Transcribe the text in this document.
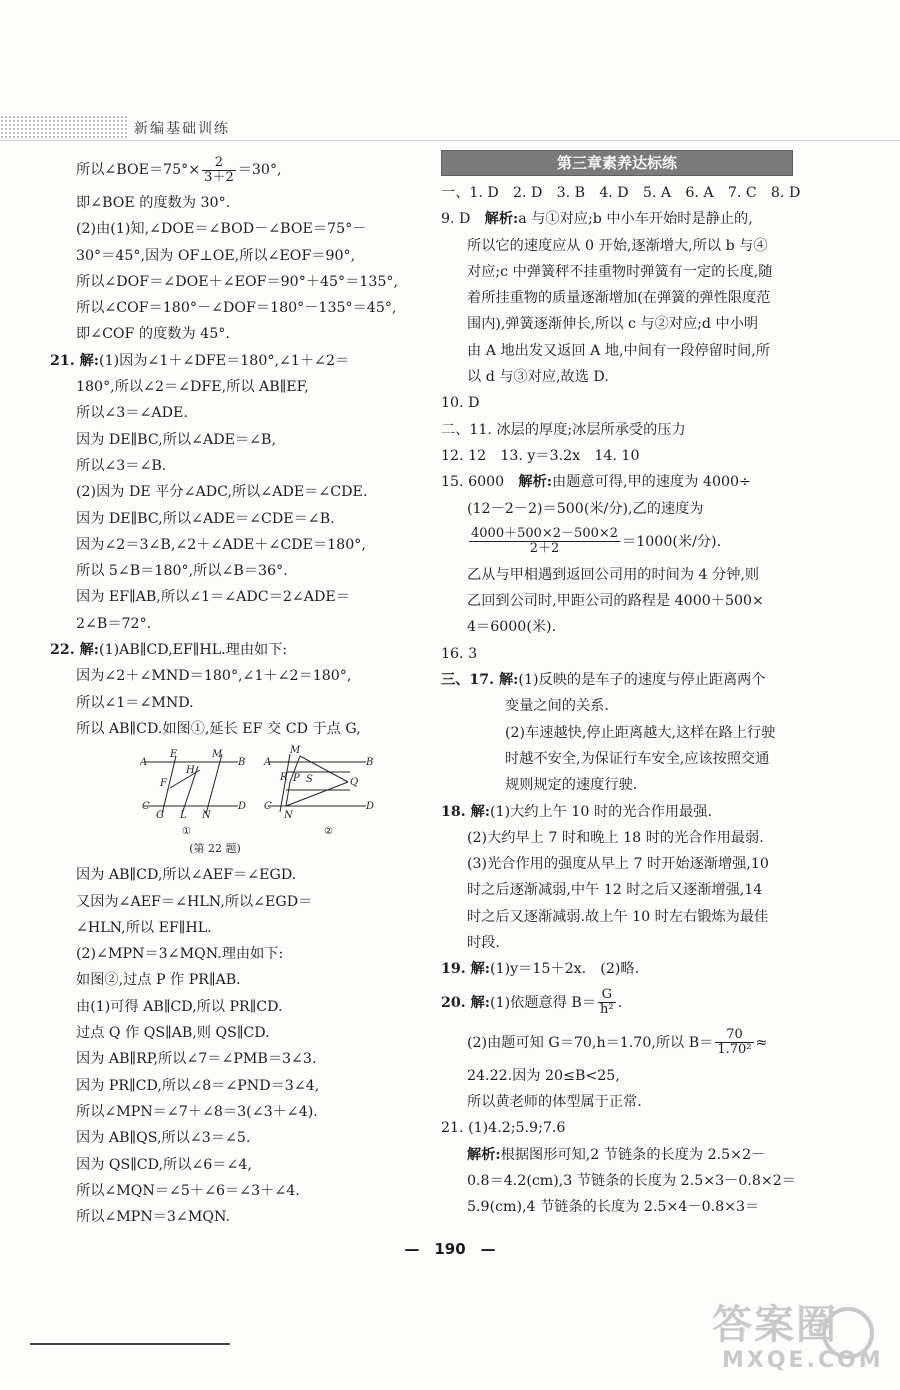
新编基础训练
所以∠BOE＝75°× $\frac{2}{3+2} =30^\circ$,
即∠BOE 的度数为 30°.
(2)由(1)知,∠DOE＝∠BOD－∠BOE＝75°－
30°＝45°,因为 OF⊥OE,所以∠EOF＝90°,
所以∠DOF＝∠DOE＋∠EOF＝90°＋45°＝135°,
所以∠COF＝180°－∠DOF＝180°－135°＝45°,
即∠COF 的度数为 45°.
21. 解:(1)因为∠1＋∠DFE＝180°,∠1＋∠2＝
180°,所以∠2＝∠DFE,所以 AB∥EF,
所以∠3＝∠ADE.
因为 DE∥BC,所以∠ADE＝∠B,
所以∠3＝∠B.
(2)因为 DE 平分∠ADC,所以∠ADE＝∠CDE.
因为 DE∥BC,所以∠ADE＝∠CDE＝∠B.
因为∠2＝3∠B,∠2＋∠ADE＋∠CDE＝180°,
所以 5∠B＝180°,所以∠B＝36°.
因为 EF∥AB,所以∠1＝∠ADC＝2∠ADE＝
2∠B＝72°.
22. 解:(1)AB∥CD,EF∥HL.理由如下:
因为∠2＋∠MND＝180°,∠1＋∠2＝180°,
所以∠1＝∠MND.
所以 AB∥CD.如图①,延长 EF 交 CD 于点 G,
A
E	M
B
H
F
C
G L N
D
①
A
M
B
P S
R	Q
C
N
D
②
(第 22 题)
因为 AB∥CD,所以∠AEF＝∠EGD.
又因为∠AEF＝∠HLN,所以∠EGD＝
∠HLN,所以 EF∥HL.
(2)∠MPN＝3∠MQN.理由如下:
如图②,过点 P 作 PR∥AB.
由(1)可得 AB∥CD,所以 PR∥CD.
过点 Q 作 QS∥AB,则 QS∥CD.
因为 AB∥RP,所以∠7＝∠PMB＝3∠3.
因为 PR∥CD,所以∠8＝∠PND＝3∠4,
所以∠MPN＝∠7＋∠8＝3(∠3＋∠4).
因为 AB∥QS,所以∠3＝∠5.
因为 QS∥CD,所以∠6＝∠4,
所以∠MQN＝∠5＋∠6＝∠3＋∠4.
所以∠MPN＝3∠MQN.
第三章素养达标练
一、1. D　2. D　3. B　4. D　5. A　6. A　7. C　8. D
9. D　 解析:a 与①对应;b 中小车开始时是静止的,
所以它的速度应从 0 开始,逐渐增大,所以 b 与④
对应;c 中弹簧秤不挂重物时弹簧有一定的长度,随
着所挂重物的质量逐渐增加(在弹簧的弹性限度范
围内),弹簧逐渐伸长,所以 c 与②对应;d 中小明
由 A 地出发又返回 A 地,中间有一段停留时间,所
以 d 与③对应,故选 D.
10. D
二、11. 冰层的厚度;冰层所承受的压力
12. 12　13. y＝3.2x　14. 10
15. 6000　 解析:由题意可得,甲的速度为 4000÷
(12－2－2)＝500(米/分),乙的速度为
$\frac{4000+500\times 2-500\times 2}{2+2} =1000$(米/分).
乙从与甲相遇到返回公司用的时间为 4 分钟,则
乙回到公司时,甲距公司的路程是 4000＋500×
4＝6000(米).
16. 3
三、17. 解:(1)反映的是车子的速度与停止距离两个
变量之间的关系.
(2)车速越快,停止距离越大,这样在路上行驶
时越不安全,为保证行车安全,应该按照交通
规则规定的速度行驶.
18. 解:(1)大约上午 10 时的光合作用最强.
(2)大约早上 7 时和晚上 18 时的光合作用最弱.
(3)光合作用的强度从早上 7 时开始逐渐增强,10
时之后逐渐减弱,中午 12 时之后又逐渐增强,14
时之后又逐渐减弱.故上午 10 时左右锻炼为最佳
时段.
19. 解:(1)y＝15＋2x.　(2)略.
20. 解:(1)依题意得 $B= \frac{G}{\text{h²}}$ .
(2)由题可知 G＝70,h＝1.70,所以 $B= \frac{70}{\text{1.70²}}$ ≈
24.22.因为 20≤B<25,
所以黄老师的体型属于正常.
21. (1)4.2;5.9;7.6
解析:根据图形可知,2 节链条的长度为 2.5×2－
0.8＝4.2(cm),3 节链条的长度为 2.5×3－0.8×2＝
5.9(cm),4 节链条的长度为 2.5×4－0.8×3＝
—　190　—
答案圈
MXQE.COM
